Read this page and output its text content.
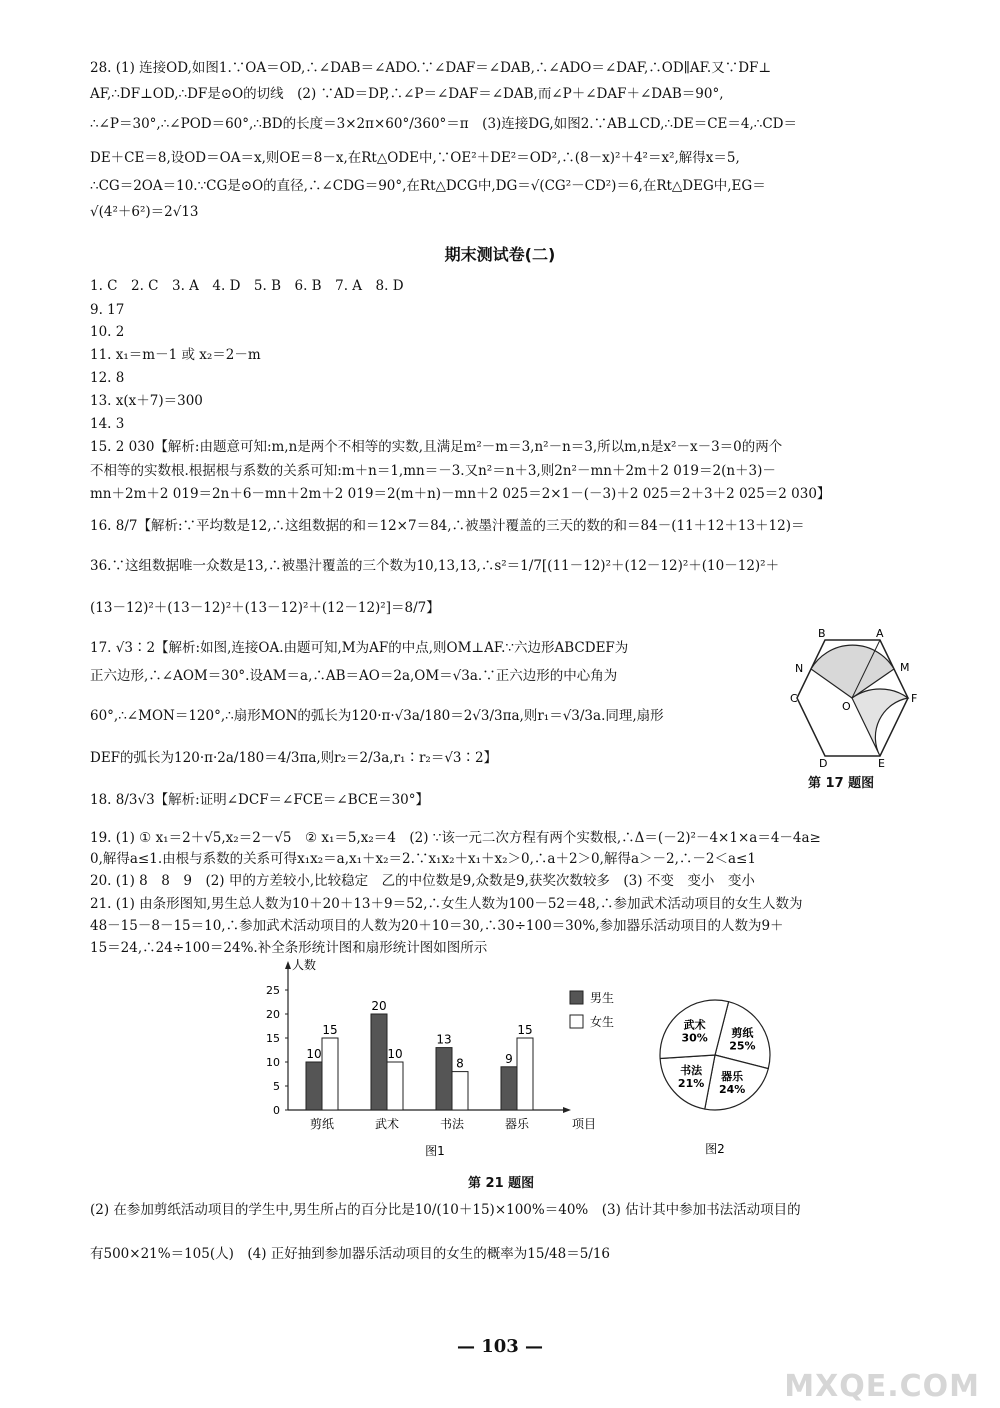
28. (1) 连接OD,如图1.∵OA＝OD,∴∠DAB＝∠ADO.∵∠DAF＝∠DAB,∴∠ADO＝∠DAF,∴OD∥AF.又∵DF⊥
AF,∴DF⊥OD,∴DF是⊙O的切线　(2) ∵AD＝DP,∴∠P＝∠DAF＝∠DAB,而∠P＋∠DAF＋∠DAB＝90°,
∴∠P＝30°,∴∠POD＝60°,∴BD的长度＝3×2π×60°/360°＝π　(3)连接DG,如图2.∵AB⊥CD,∴DE＝CE＝4,∴CD＝
DE＋CE＝8,设OD＝OA＝x,则OE＝8－x,在Rt△ODE中,∵OE²＋DE²＝OD²,∴(8－x)²＋4²＝x²,解得x＝5,
∴CG＝2OA＝10.∵CG是⊙O的直径,∴∠CDG＝90°,在Rt△DCG中,DG＝√(CG²－CD²)＝6,在Rt△DEG中,EG＝
√(4²＋6²)＝2√13
期末测试卷(二)
1. C　2. C　3. A　4. D　5. B　6. B　7. A　8. D
9. 17
10. 2
11. x₁＝m－1 或 x₂＝2－m
12. 8
13. x(x＋7)＝300
14. 3
15. 2 030【解析:由题意可知:m,n是两个不相等的实数,且满足m²－m＝3,n²－n＝3,所以m,n是x²－x－3＝0的两个
不相等的实数根.根据根与系数的关系可知:m＋n＝1,mn＝－3.又n²＝n＋3,则2n²－mn＋2m＋2 019＝2(n＋3)－
mn＋2m＋2 019＝2n＋6－mn＋2m＋2 019＝2(m＋n)－mn＋2 025＝2×1－(－3)＋2 025＝2＋3＋2 025＝2 030】
16. 8/7【解析:∵平均数是12,∴这组数据的和＝12×7＝84,∴被墨汁覆盖的三天的数的和＝84－(11＋12＋13＋12)＝
36.∵这组数据唯一众数是13,∴被墨汁覆盖的三个数为10,13,13,∴s²＝1/7[(11－12)²＋(12－12)²＋(10－12)²＋
(13－12)²＋(13－12)²＋(13－12)²＋(12－12)²]＝8/7】
17. √3∶2【解析:如图,连接OA.由题可知,M为AF的中点,则OM⊥AF.∵六边形ABCDEF为
正六边形,∴∠AOM＝30°.设AM＝a,∴AB＝AO＝2a,OM＝√3a.∵正六边形的中心角为
60°,∴∠MON＝120°,∴扇形MON的弧长为120·π·√3a/180＝2√3/3πa,则r₁＝√3/3a.同理,扇形
DEF的弧长为120·π·2a/180＝4/3πa,则r₂＝2/3a,r₁∶r₂＝√3∶2】
B	A
N	M
C
O
F
D	E
第 17 题图
18. 8/3√3【解析:证明∠DCF＝∠FCE＝∠BCE＝30°】
19. (1) ① x₁＝2＋√5,x₂＝2－√5　② x₁＝5,x₂＝4　(2) ∵该一元二次方程有两个实数根,∴Δ＝(－2)²－4×1×a＝4－4a≥
0,解得a≤1.由根与系数的关系可得x₁x₂＝a,x₁＋x₂＝2.∵x₁x₂＋x₁＋x₂＞0,∴a＋2＞0,解得a＞－2,∴－2＜a≤1
20. (1) 8　8　9　(2) 甲的方差较小,比较稳定　乙的中位数是9,众数是9,获奖次数较多　(3) 不变　变小　变小
21. (1) 由条形图知,男生总人数为10＋20＋13＋9＝52,∴女生人数为100－52＝48,∴参加武术活动项目的女生人数为
48－15－8－15＝10,∴参加武术活动项目的人数为20＋10＝30,∴30÷100＝30%,参加器乐活动项目的人数为9＋
15＝24,∴24÷100＝24%.补全条形统计图和扇形统计图如图所示
人数
项目
0
5
10
15
20
25
10
15
剪纸
20
10
武术
13
8
书法
9
15
器乐
男生
女生
图1
剪纸
25%
器乐
24%
书法
21%
武术
30%
图2
第 21 题图
(2) 在参加剪纸活动项目的学生中,男生所占的百分比是10/(10＋15)×100%＝40%　(3) 估计其中参加书法活动项目的
有500×21%＝105(人)　(4) 正好抽到参加器乐活动项目的女生的概率为15/48＝5/16
— 103 —
MXQE.COM
